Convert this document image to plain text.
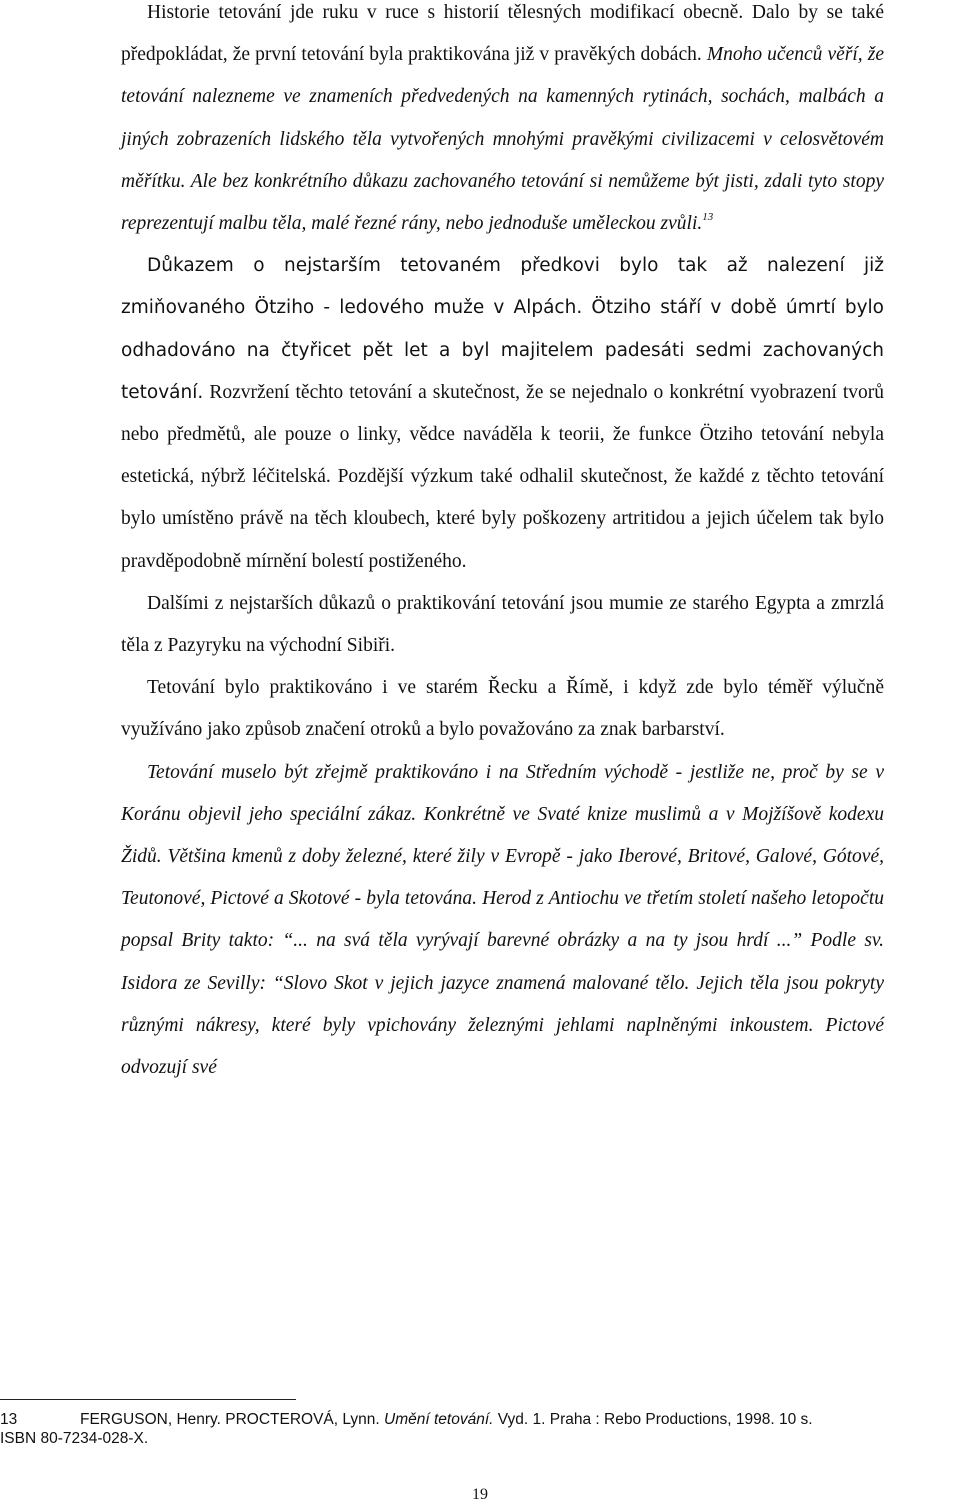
Historie tetování jde ruku v ruce s historií tělesných modifikací obecně. Dalo by se také předpokládat, že první tetování byla praktikována již v pravěkých dobách. Mnoho učenců věří, že tetování nalezneme ve znameních předvedených na kamenných rytinách, sochách, malbách a jiných zobrazeních lidského těla vytvořených mnohými pravěkými civilizacemi v celosvětovém měřítku. Ale bez konkrétního důkazu zachovaného tetování si nemůžeme být jisti, zdali tyto stopy reprezentují malbu těla, malé řezné rány, nebo jednoduše uměleckou zvůli.$^{13}$

Důkazem o nejstarším tetovaném předkovi bylo tak až nalezení již zmiňovaného Ötziho - ledového muže v Alpách. Ötziho stáří v době úmrtí bylo odhadováno na čtyřicet pět let a byl majitelem padesáti sedmi zachovaných tetování. Rozvržení těchto tetování a skutečnost, že se nejednalo o konkrétní vyobrazení tvorů nebo předmětů, ale pouze o linky, vědce naváděla k teorii, že funkce Ötziho tetování nebyla estetická, nýbrž léčitelská. Pozdější výzkum také odhalil skutečnost, že každé z těchto tetování bylo umístěno právě na těch kloubech, které byly poškozeny artritidou a jejich účelem tak bylo pravděpodobně mírnění bolestí postiženého.

Dalšími z nejstarších důkazů o praktikování tetování jsou mumie ze starého Egypta a zmrzlá těla z Pazyryku na východní Sibiři.

Tetování bylo praktikováno i ve starém Řecku a Římě, i když zde bylo téměř výlučně využíváno jako způsob značení otroků a bylo považováno za znak barbarství.

Tetování muselo být zřejmě praktikováno i na Středním východě - jestliže ne, proč by se v Koránu objevil jeho speciální zákaz. Konkrétně ve Svaté knize muslimů a v Mojžíšově kodexu Židů. Většina kmenů z doby železné, které žily v Evropě - jako Iberové, Britové, Galové, Gótové, Teutonové, Pictové a Skotové - byla tetována. Herod z Antiochu ve třetím století našeho letopočtu popsal Brity takto: “... na svá těla vyrývají barevné obrázky a na ty jsou hrdí ...” Podle sv. Isidora ze Sevilly: “Slovo Skot v jejich jazyce znamená malované tělo. Jejich těla jsou pokryty různými nákresy, které byly vpichovány železnými jehlami naplněnými inkoustem. Pictové odvozují své

13	FERGUSON, Henry. PROCTEROVÁ, Lynn. Umění tetování. Vyd. 1. Praha : Rebo Productions, 1998. 10 s.
ISBN 80-7234-028-X.
19
